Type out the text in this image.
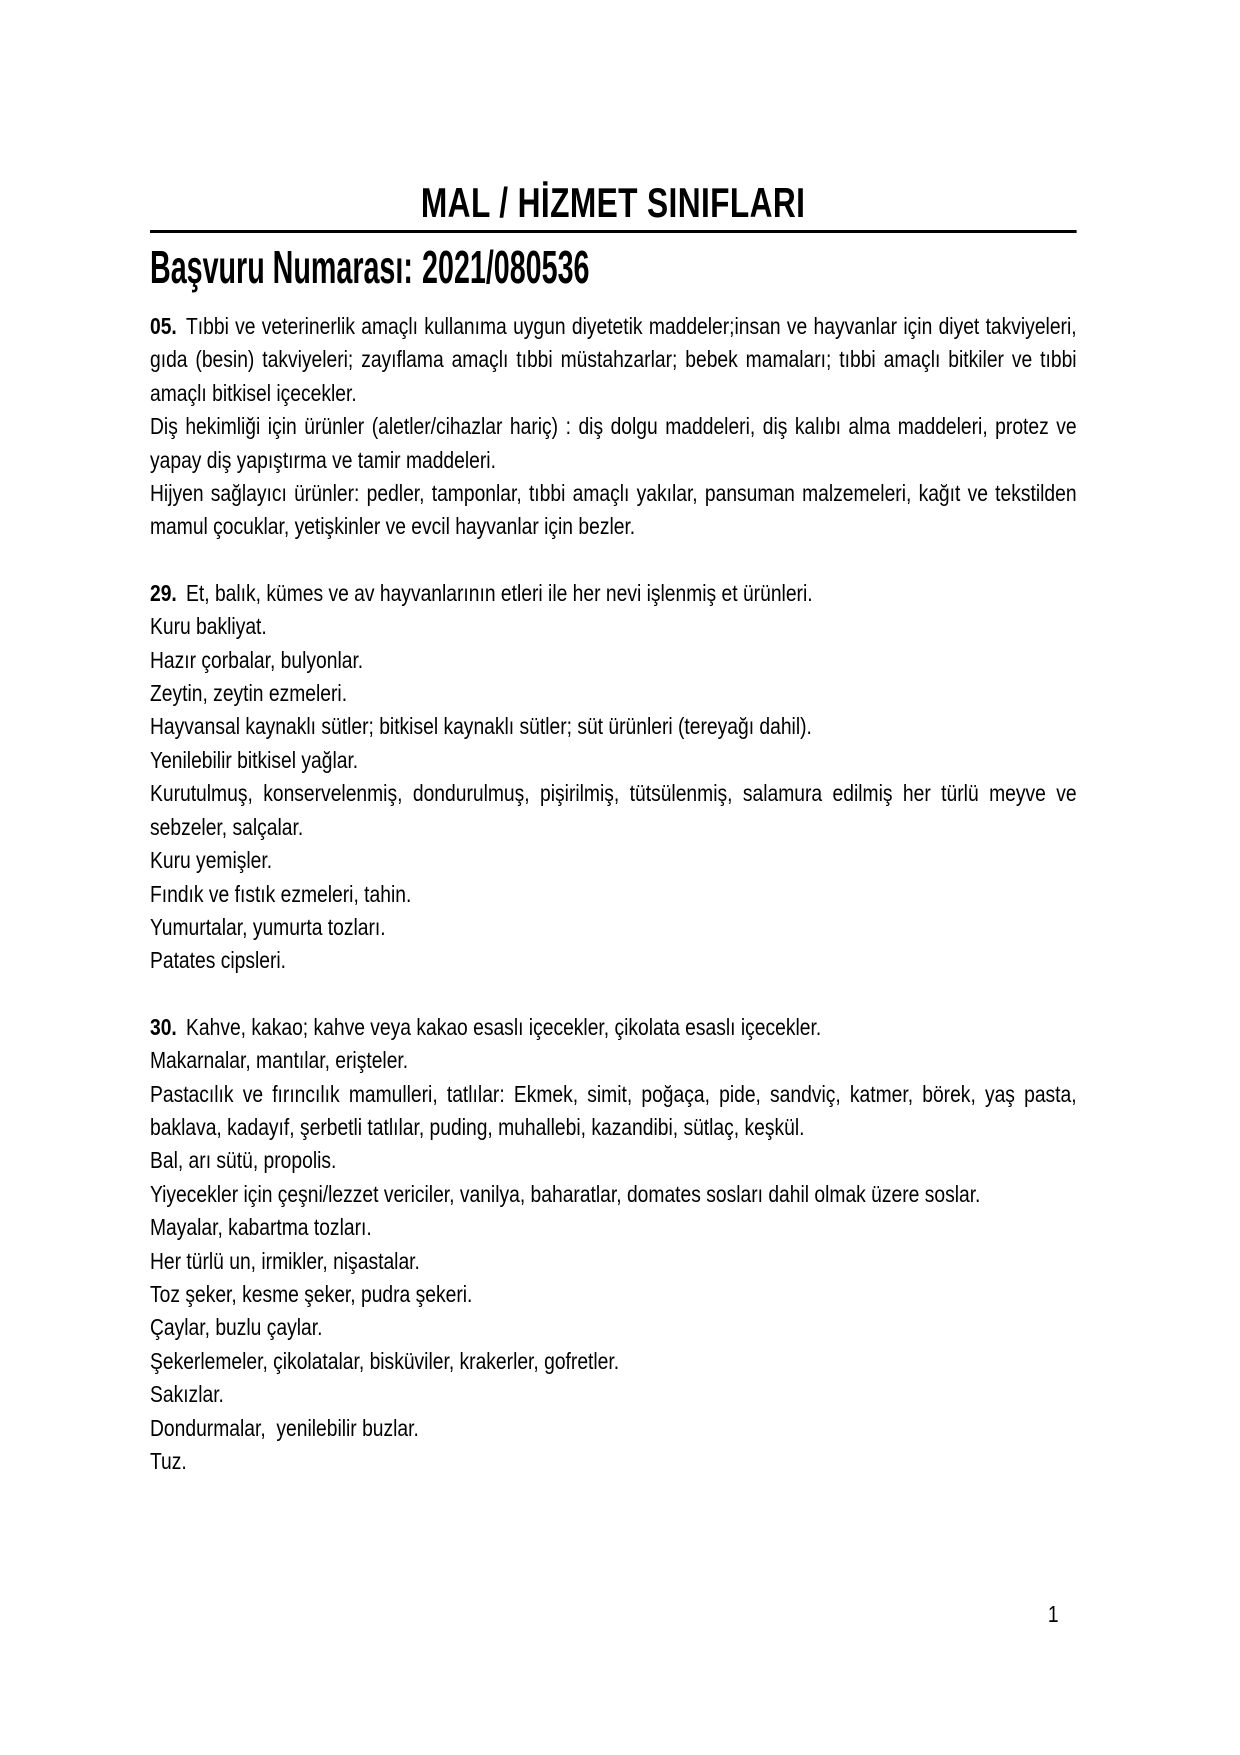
MAL / HİZMET SINIFLARI
Başvuru Numarası: 2021/080536

05. Tıbbi ve veterinerlik amaçlı kullanıma uygun diyetetik maddeler;insan ve hayvanlar için diyet takviyeleri, gıda (besin) takviyeleri; zayıflama amaçlı tıbbi müstahzarlar; bebek mamaları; tıbbi amaçlı bitkiler ve tıbbi amaçlı bitkisel içecekler.

Diş hekimliği için ürünler (aletler/cihazlar hariç) : diş dolgu maddeleri, diş kalıbı alma maddeleri, protez ve yapay diş yapıştırma ve tamir maddeleri.

Hijyen sağlayıcı ürünler: pedler, tamponlar, tıbbi amaçlı yakılar, pansuman malzemeleri, kağıt ve tekstilden mamul çocuklar, yetişkinler ve evcil hayvanlar için bezler.

29. Et, balık, kümes ve av hayvanlarının etleri ile her nevi işlenmiş et ürünleri.

Kuru bakliyat.

Hazır çorbalar, bulyonlar.

Zeytin, zeytin ezmeleri.

Hayvansal kaynaklı sütler; bitkisel kaynaklı sütler; süt ürünleri (tereyağı dahil).

Yenilebilir bitkisel yağlar.

Kurutulmuş, konservelenmiş, dondurulmuş, pişirilmiş, tütsülenmiş, salamura edilmiş her türlü meyve ve sebzeler, salçalar.

Kuru yemişler.

Fındık ve fıstık ezmeleri, tahin.

Yumurtalar, yumurta tozları.

Patates cipsleri.

30. Kahve, kakao; kahve veya kakao esaslı içecekler, çikolata esaslı içecekler.

Makarnalar, mantılar, erişteler.

Pastacılık ve fırıncılık mamulleri, tatlılar: Ekmek, simit, poğaça, pide, sandviç, katmer, börek, yaş pasta, baklava, kadayıf, şerbetli tatlılar, puding, muhallebi, kazandibi, sütlaç, keşkül.

Bal, arı sütü, propolis.

Yiyecekler için çeşni/lezzet vericiler, vanilya, baharatlar, domates sosları dahil olmak üzere soslar.

Mayalar, kabartma tozları.

Her türlü un, irmikler, nişastalar.

Toz şeker, kesme şeker, pudra şekeri.

Çaylar, buzlu çaylar.

Şekerlemeler, çikolatalar, bisküviler, krakerler, gofretler.

Sakızlar.

Dondurmalar,  yenilebilir buzlar.

Tuz.

1
